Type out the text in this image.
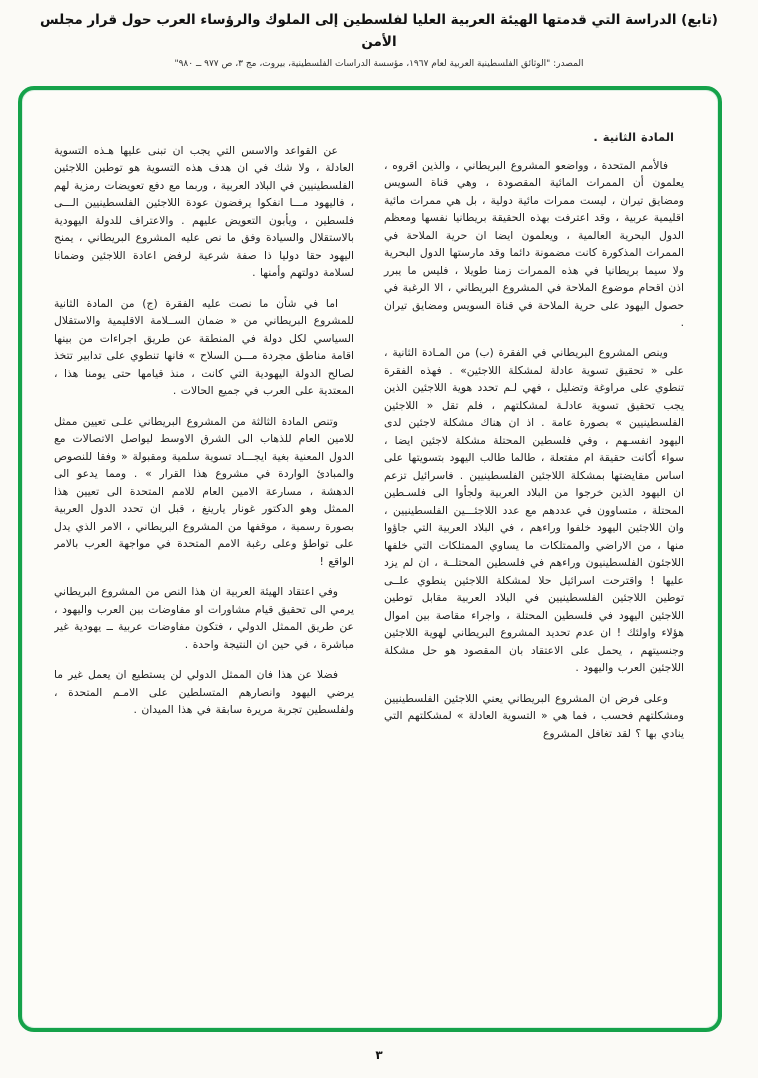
(تابع) الدراسة التي قدمتها الهيئة العربية العليا لفلسطين إلى الملوك والرؤساء العرب حول قرار مجلس الأمن
المصدر: "الوثائق الفلسطينية العربية لعام ١٩٦٧، مؤسسة الدراسات الفلسطينية، بيروت، مج ٣، ص ٩٧٧ ــ ٩٨٠"

المادة الثانية .

فالأمم المتحدة ، وواضعو المشروع البريطاني ، والذين اقروه ، يعلمون أن الممرات المائية المقصودة ، وهي قناة السويس ومضايق تيران ، ليست ممرات مائية دولية ، بل هي ممرات مائية اقليمية عربية ، وقد اعترفت بهذه الحقيقة بريطانيا نفسها ومعظم الدول البحرية العالمية ، ويعلمون ايضا ان حرية الملاحة في الممرات المذكورة كانت مضمونة دائما وقد مارستها الدول البحرية ولا سيما بريطانيا في هذه الممرات زمنا طويلا ، فليس ما يبرر اذن اقحام موضوع الملاحة في المشروع البريطاني ، الا الرغبة في حصول اليهود على حرية الملاحة في قناة السويس ومضايق تيران .

وينص المشروع البريطاني في الفقرة (ب) من المـادة الثانية ، على « تحقيق تسوية عادلة لمشكلة اللاجئين» . فهذه الفقرة تنطوي على مراوغة وتضليل ، فهي لـم تحدد هوية اللاجئين الذين يجب تحقيق تسوية عادلـة لمشكلتهم ، فلم تقل « اللاجئين الفلسطينيين » بصورة عامة . اذ ان هناك مشكلة لاجئين لدى اليهود انفسـهم ، وفي فلسطين المحتلة مشكلة لاجئين ايضا ، سواء أكانت حقيقة ام مفتعلة ، طالما طالب اليهود بتسويتها على اساس مقايضتها بمشكلة اللاجئين الفلسطينيين . فاسرائيل تزعم ان اليهود الذين خرجوا من البلاد العربية ولجأوا الى فلسـطين المحتلة ، متساوون في عددهم مع عدد اللاجئـــين الفلسطينيين ، وان اللاجئين اليهود خلفوا وراءهم ، في البلاد العربية التي جاؤوا منها ، من الاراضي والممتلكات ما يساوي الممتلكات التي خلفها اللاجئون الفلسطينيون وراءهم في فلسطين المحتلــة ، ان لم يزد عليها ! واقترحت اسرائيل حلا لمشكلة اللاجئين ينطوي علــى توطين اللاجئين الفلسطينيين في البلاد العربية مقابل توطين اللاجئين اليهود في فلسطين المحتلة ، واجراء مقاصة بين اموال هؤلاء واولئك ! ان عدم تحديد المشروع البريطاني لهوية اللاجئين وجنسيتهم ، يحمل على الاعتقاد بان المقصود هو حل مشكلة اللاجئين العرب واليهود .

وعلى فرض ان المشروع البريطاني يعني اللاجئين الفلسطينيين ومشكلتهم فحسب ، فما هي « التسوية العادلة » لمشكلتهم التي ينادي بها ؟ لقد تغافل المشروع

عن القواعد والاسس التي يجب ان تبنى عليها هـذه التسوية العادلة ، ولا شك في ان هدف هذه التسوية هو توطين اللاجئين الفلسطينيين في البلاد العربية ، وربما مع دفع تعويضات رمزية لهم ، فاليهود مـــا انفكوا يرفضون عودة اللاجئين الفلسطينيين الـــى فلسطين ، ويأبون التعويض عليهم . والاعتراف للدولة اليهودية بالاستقلال والسيادة وفق ما نص عليه المشروع البريطاني ، يمنح اليهود حقا دوليا ذا صفة شرعية لرفض اعادة اللاجئين وضمانا لسلامة دولتهم وأمنها .

اما في شأن ما نصت عليه الفقرة (ج) من المادة الثانية للمشروع البريطاني من « ضمان الســلامة الاقليمية والاستقلال السياسي لكل دولة في المنطقة عن طريق اجراءات من بينها اقامة مناطق مجردة مـــن السلاح » فانها تنطوي على تدابير تتخذ لصالح الدولة اليهودية التي كانت ، منذ قيامها حتى يومنا هذا ، المعتدية على العرب في جميع الحالات .

وتنص المادة الثالثة من المشروع البريطاني علـى تعيين ممثل للامين العام للذهاب الى الشرق الاوسط ليواصل الاتصالات مع الدول المعنية بغية ايجـــاد تسوية سلمية ومقبولة « وفقا للنصوص والمبادئ الواردة في مشروع هذا القرار » . ومما يدعو الى الدهشة ، مسارعة الامين العام للامم المتحدة الى تعيين هذا الممثل وهو الدكتور غونار يارينغ ، قبل ان تحدد الدول العربية بصورة رسمية ، موقفها من المشروع البريطاني ، الامر الذي يدل على تواطؤ وعلى رغبة الامم المتحدة في مواجهة العرب بالامر الواقع !

وفي اعتقاد الهيئة العربية ان هذا النص من المشروع البريطاني يرمي الى تحقيق قيام مشاورات او مفاوضات بين العرب واليهود ، عن طريق الممثل الدولي ، فتكون مفاوضات عربية ــ يهودية غير مباشرة ، في حين ان النتيجة واحدة .

فضلا عن هذا فان الممثل الدولي لن يستطيع ان يعمل غير ما يرضي اليهود وانصارهم المتسلطين على الامـم المتحدة ، ولفلسطين تجربة مريرة سابقة في هذا الميدان .

٣
